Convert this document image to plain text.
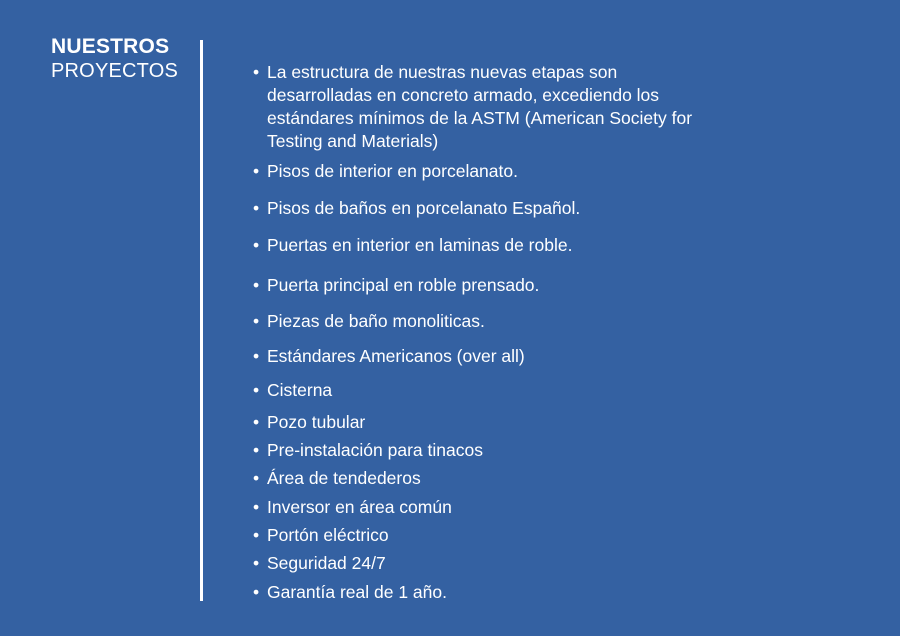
NUESTROS
PROYECTOS	• La estructura de nuestras nuevas etapas son desarrolladas en concreto armado, excediendo los estándares mínimos de la ASTM (American Society for Testing and Materials)
• Pisos de interior en porcelanato.
• Pisos de baños en porcelanato Español.
• Puertas en interior en laminas de roble.
• Puerta principal en roble prensado.
• Piezas de baño monoliticas.
• Estándares Americanos (over all)
• Cisterna
• Pozo tubular
• Pre-instalación para tinacos
• Área de tendederos
• Inversor en área común
• Portón eléctrico
• Seguridad 24/7
• Garantía real de 1 año.
